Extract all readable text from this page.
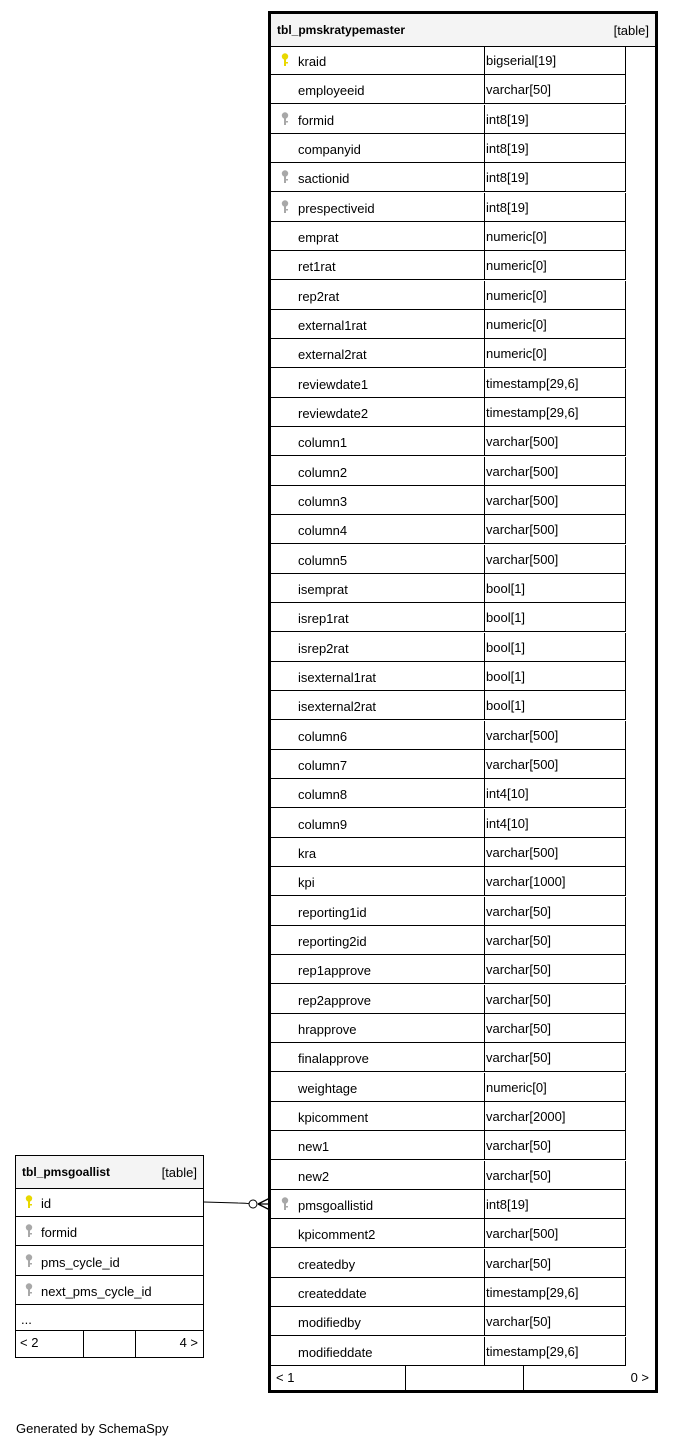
tbl_pmskratypemaster	[table]
kraid	bigserial[19]
employeeid	varchar[50]
formid	int8[19]
companyid	int8[19]
sactionid	int8[19]
prespectiveid	int8[19]
emprat	numeric[0]
ret1rat	numeric[0]
rep2rat	numeric[0]
external1rat	numeric[0]
external2rat	numeric[0]
reviewdate1	timestamp[29,6]
reviewdate2	timestamp[29,6]
column1	varchar[500]
column2	varchar[500]
column3	varchar[500]
column4	varchar[500]
column5	varchar[500]
isemprat	bool[1]
isrep1rat	bool[1]
isrep2rat	bool[1]
isexternal1rat	bool[1]
isexternal2rat	bool[1]
column6	varchar[500]
column7	varchar[500]
column8	int4[10]
column9	int4[10]
kra	varchar[500]
kpi	varchar[1000]
reporting1id	varchar[50]
reporting2id	varchar[50]
rep1approve	varchar[50]
rep2approve	varchar[50]
hrapprove	varchar[50]
finalapprove	varchar[50]
weightage	numeric[0]
kpicomment	varchar[2000]
new1	varchar[50]
new2	varchar[50]
pmsgoallistid	int8[19]
kpicomment2	varchar[500]
createdby	varchar[50]
createddate	timestamp[29,6]
modifiedby	varchar[50]
modifieddate	timestamp[29,6]
< 1	0 >
tbl_pmsgoallist	[table]
id
formid
pms_cycle_id
next_pms_cycle_id
...
< 2	4 >
Generated by SchemaSpy
